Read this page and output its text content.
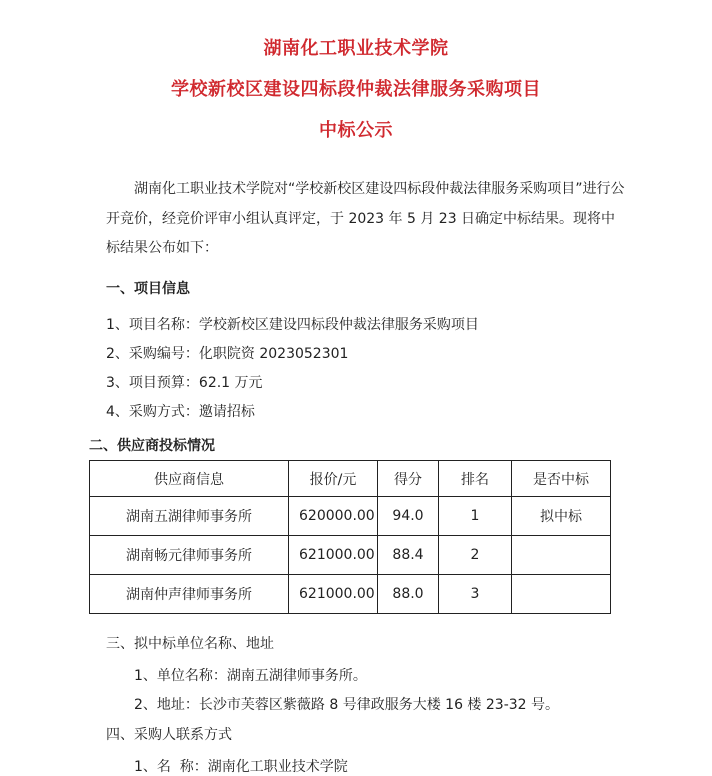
湖南化工职业技术学院
学校新校区建设四标段仲裁法律服务采购项目
中标公示
湖南化工职业技术学院对“学校新校区建设四标段仲裁法律服务采购项目”进行公开竞价，经竞价评审小组认真评定，于 2023 年 5 月 23 日确定中标结果。现将中标结果公布如下：
一、项目信息
1、项目名称：学校新校区建设四标段仲裁法律服务采购项目
2、采购编号：化职院资 2023052301
3、项目预算：62.1 万元
4、采购方式：邀请招标
二、供应商投标情况
供应商信息	报价/元	得分	排名	是否中标
湖南五湖律师事务所	620000.00	94.0	1	拟中标
湖南畅元律师事务所	621000.00	88.4	2	
湖南仲声律师事务所	621000.00	88.0	3	
三、拟中标单位名称、地址
1、单位名称：湖南五湖律师事务所。
2、地址：长沙市芙蓉区紫薇路 8 号律政服务大楼 16 楼 23-32 号。
四、采购人联系方式
1、名  称：湖南化工职业技术学院
